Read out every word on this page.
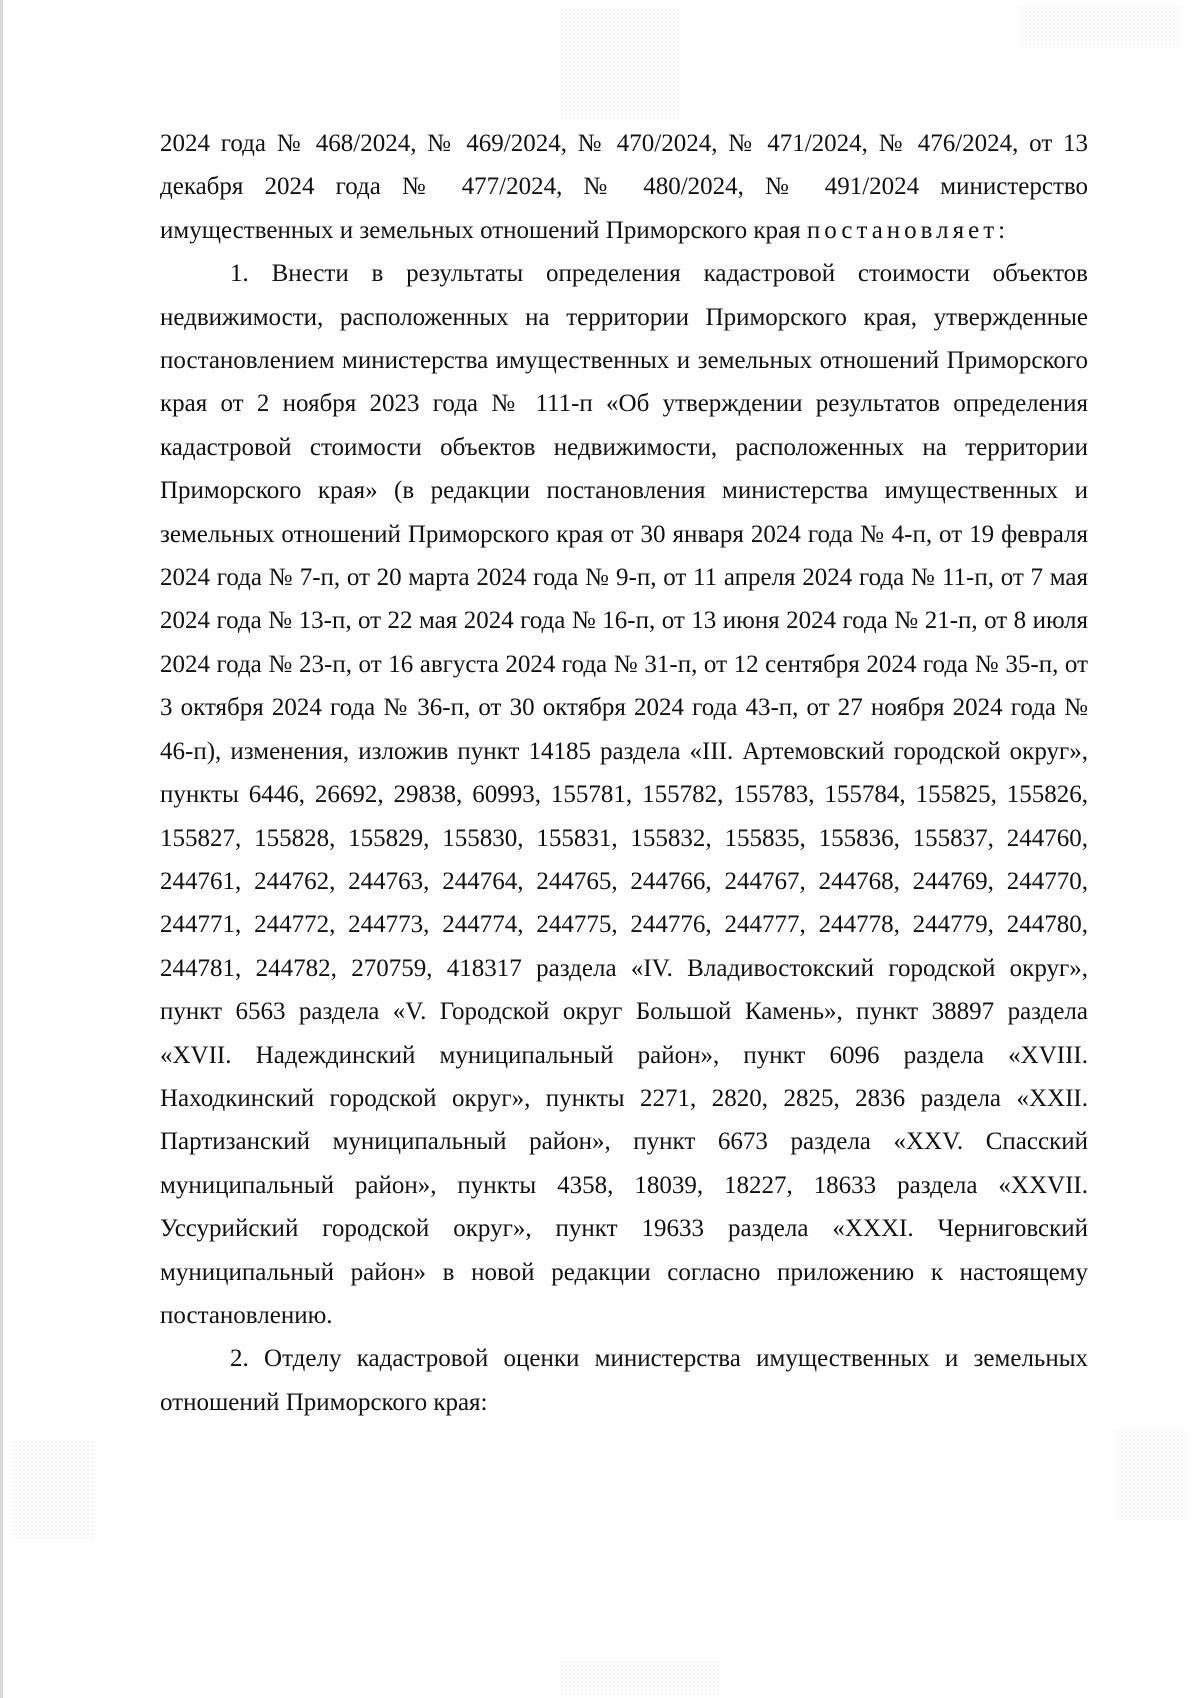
2024 года № 468/2024, № 469/2024, № 470/2024, № 471/2024, № 476/2024, от 13 декабря 2024 года № 477/2024, № 480/2024, № 491/2024 министерство имущественных и земельных отношений Приморского края постановляет:

1. Внести в результаты определения кадастровой стоимости объектов недвижимости, расположенных на территории Приморского края, утвержденные постановлением министерства имущественных и земельных отношений Приморского края от 2 ноября 2023 года № 111-п «Об утверждении результатов определения кадастровой стоимости объектов недвижимости, расположенных на территории Приморского края» (в редакции постановления министерства имущественных и земельных отношений Приморского края от 30 января 2024 года № 4-п, от 19 февраля 2024 года № 7-п, от 20 марта 2024 года № 9-п, от 11 апреля 2024 года № 11-п, от 7 мая 2024 года № 13-п, от 22 мая 2024 года № 16-п, от 13 июня 2024 года № 21-п, от 8 июля 2024 года № 23-п, от 16 августа 2024 года № 31-п, от 12 сентября 2024 года № 35-п, от 3 октября 2024 года № 36-п, от 30 октября 2024 года 43-п, от 27 ноября 2024 года № 46-п), изменения, изложив пункт 14185 раздела «III. Артемовский городской округ», пункты 6446, 26692, 29838, 60993, 155781, 155782, 155783, 155784, 155825, 155826, 155827, 155828, 155829, 155830, 155831, 155832, 155835, 155836, 155837, 244760, 244761, 244762, 244763, 244764, 244765, 244766, 244767, 244768, 244769, 244770, 244771, 244772, 244773, 244774, 244775, 244776, 244777, 244778, 244779, 244780, 244781, 244782, 270759, 418317 раздела «IV. Владивостокский городской округ», пункт 6563 раздела «V. Городской округ Большой Камень», пункт 38897 раздела «XVII. Надеждинский муниципальный район», пункт 6096 раздела «XVIII. Находкинский городской округ», пункты 2271, 2820, 2825, 2836 раздела «XXII. Партизанский муниципальный район», пункт 6673 раздела «XXV. Спасский муниципальный район», пункты 4358, 18039, 18227, 18633 раздела «XXVII. Уссурийский городской округ», пункт 19633 раздела «XXXI. Черниговский муниципальный район» в новой редакции согласно приложению к настоящему постановлению.

2. Отделу кадастровой оценки министерства имущественных и земельных отношений Приморского края:
